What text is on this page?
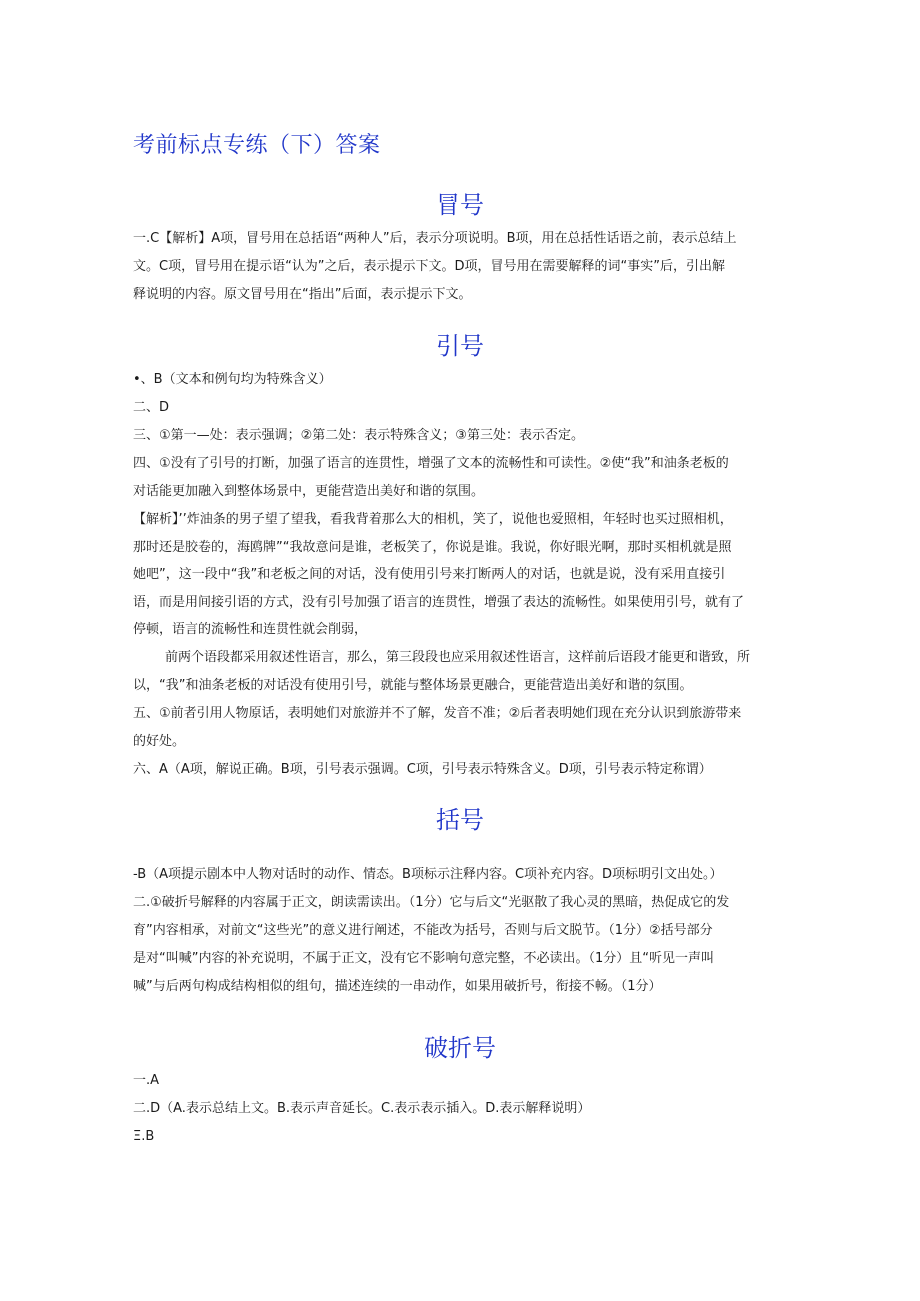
考前标点专练（下）答案
冒号
一.C【解析】A项，冒号用在总括语“两种人”后，表示分项说明。B项，用在总括性话语之前，表示总结上
文。C项，冒号用在提示语“认为”之后，表示提示下文。D项，冒号用在需要解释的词“事实”后，引出解
释说明的内容。原文冒号用在“指出”后面，表示提示下文。
引号
•、B（文本和例句均为特殊含义）
二、D
三、①第一—处：表示强调；②第二处：表示特殊含义；③第三处：表示否定。
四、①没有了引号的打断，加强了语言的连贯性，增强了文本的流畅性和可读性。②使“我”和油条老板的
对话能更加融入到整体场景中，更能营造出美好和谐的氛围。
【解析】’’炸油条的男子望了望我，看我背着那么大的相机，笑了，说他也爱照相，年轻时也买过照相机，
那时还是胶卷的，海鸥牌”“我故意问是谁，老板笑了，你说是谁。我说，你好眼光啊，那时买相机就是照
她吧”，这一段中“我”和老板之间的对话，没有使用引号来打断两人的对话，也就是说，没有采用直接引
语，而是用间接引语的方式，没有引号加强了语言的连贯性，增强了表达的流畅性。如果使用引号，就有了
停顿，语言的流畅性和连贯性就会削弱，
前两个语段都采用叙述性语言，那么，第三段段也应采用叙述性语言，这样前后语段才能更和谐致，所
以，“我”和油条老板的对话没有使用引号，就能与整体场景更融合，更能营造出美好和谐的氛围。
五、①前者引用人物原话，表明她们对旅游并不了解，发音不准；②后者表明她们现在充分认识到旅游带来
的好处。
六、A（A项，解说正确。B项，引号表示强调。C项，引号表示特殊含义。D项，引号表示特定称谓）
括号
-B（A项提示剧本中人物对话时的动作、情态。B项标示注释内容。C项补充内容。D项标明引文出处。）
二.①破折号解释的内容属于正文，朗读需读出。（1分）它与后文“光驱散了我心灵的黑暗，热促成它的发
育”内容相承，对前文“这些光”的意义进行阐述，不能改为括号，否则与后文脱节。（1分）②括号部分
是对“叫喊”内容的补充说明，不属于正文，没有它不影响句意完整，不必读出。（1分）且“听见一声叫
喊”与后两句构成结构相似的组句，描述连续的一串动作，如果用破折号，衔接不畅。（1分）
破折号
一.A
二.D（A.表示总结上文。B.表示声音延长。C.表示表示插入。D.表示解释说明）
Ξ.B
